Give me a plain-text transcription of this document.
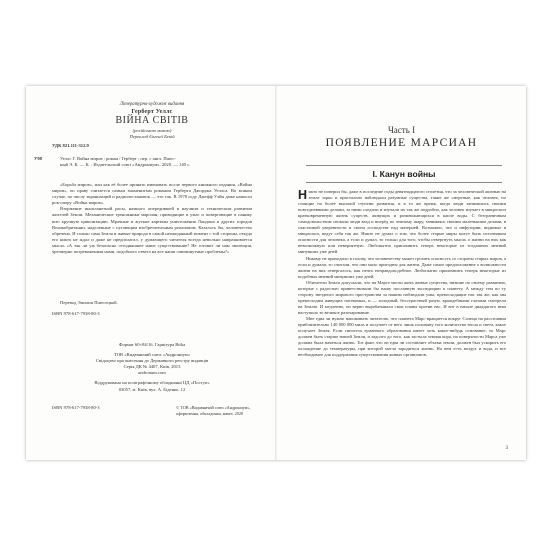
Літературно-художнє видання
Герберт Уеллс
ВІЙНА СВІТІВ
(російською мовою)
Переклад Євгенії Бекій
УДК 821.111-312.9
У98	Уеллс Г. Война миров : роман / Герберт ; пер. с англ. Пшес-
ный Э. К. — К. : Издательский союз «Андрониум», 2020. — 140 с.

«Борьба миров», или как её более принято именовать после первого книжного издания, «Война миров», по праву считается самым знаменитым романом Герберта Джорджа Уеллса. Во всяком случае, по числу экранизаций и радиопостановок — это так. В 1978 году Джефф Уэйн даже написал рок-оперу «Война миров».

Вторжение инопланетной расы, намного опередившей в научном и техническом развитии жителей Земли. Механические треножники марсиан, приводящие в ужас и повергающие в панику всю крупную цивилизацию. Мрачные и жуткие картины уничтожения Лондона и других городов Великобритании, наделенные с пугающим изобретательным реализмом. Казалось бы, человечество обречено. И только сама Земля и живые природа в самой неожиданный момент с той стороны, откуда его никто не ждал и даже не предполагал, у думающего читателя всегда невольно напрашивается мысль «А так ли уж безопасно сегодняшнее наше существование? Не готовит ли нам эволюция, чрезмерно потревоженная нами, подобного ответа на все наши сиюминутные проблемы?»

Перевод Эмилии Пшесецкой.
ISBN 978-617-7938-80-3

Формат 60×84/16. Гарнітура Bitka

ТОВ «Видавничий союз «Андрониум»

Свідоцтво про внесення до Державного реєстру видавців

Серія ДК № 4407, Київ, 2013

andronum.com

Віддруковано на поліграфічному обладнанні ЦД «Поступ»

03057, м. Київ, вул. А. Біденко, 12

ISBN 978-617-7938-80-3	© ТОВ «Видавничий союз «Андрониум»,

оформлення, обкладинка, макет, 2020

Часть I
ПОЯВЛЕНИЕ МАРСИАН
I. Канун войны

Никто не поверил бы, даже в последние годы девятнадцатого столетия, что за человеческой жизнью на земле зорко и пристально наблюдали разумные существа, такие же смертные, как человек, но стоящие на более высокой ступени развития, и в то же время, когда люди занимались своими повседневными делами, за ними следили и изучали их так же подробно, как человек изучает в микроскоп кратковременную жизнь существ, живущих и размножающихся в капле воды. С безграничным самодовольством сновали люди взад и вперёд по земному шару, занимаясь своими маленькими делами, в счастливой уверенности в своем господстве над материей. Возможно, что и инфузории, видимые в микроскоп, ведут себя так же. Никто не думал о том, что более старые миры могут быть источником опасности для человека, а если и думал, то только для того, чтобы отвергнуть мысль о жизни на них как невозможную или невероятную. Любопытно припомнить теперь некоторые из тогдашних мнений минувших уже дней.

Никому не приходило в голову, что человечеству может грозить опасность со стороны старых миров, а если и думали, то считали, что они мало пригодны для жизни. Даже самое предположение о возможности жизни на них отвергалось, как нечто неправдоподобное. Любопытно припомнить теперь некоторые из подобных мнений минувших уже дней.

Обитатели Земли допускали, что на Марсе могли жить живые существа, низшие по своему развитию, которые с радостью приветствовали бы нашу посланную экспедицию к планету. А между тем по ту сторону звездного мирового пространства за нашим наблюдали умы, превосходящие нас так же, как мы превосходим живущих насекомых, и — холодный, бесстрастный разум, враждебными глазами смотрели на Землю. И медленно, но верно вырабатывали свои планы против нас. И вот в начале двадцатого века наступило то великое разочарование.

Мне едва ли нужно напоминать читателю, что планета Марс вращается вокруг Солнца на расстоянии приблизительно 140 000 000 миль и получает от него лишь половину того количества тепла и света, какое получает Земля. Если гипотеза туманного образования имеет хоть какое-нибудь основание, то Марс должен быть старше нашей Земли, и задолго до того, как застыла земная кора, на поверхности Марса уже должна была начаться жизнь. Тот факт, что он едва ли составляет объема земли, должен был ускорить его охлаждение до температуры, при которой могла зародиться жизнь. На нем есть воздух и вода, и все необходимое для поддержания существования живых организмов.

3
